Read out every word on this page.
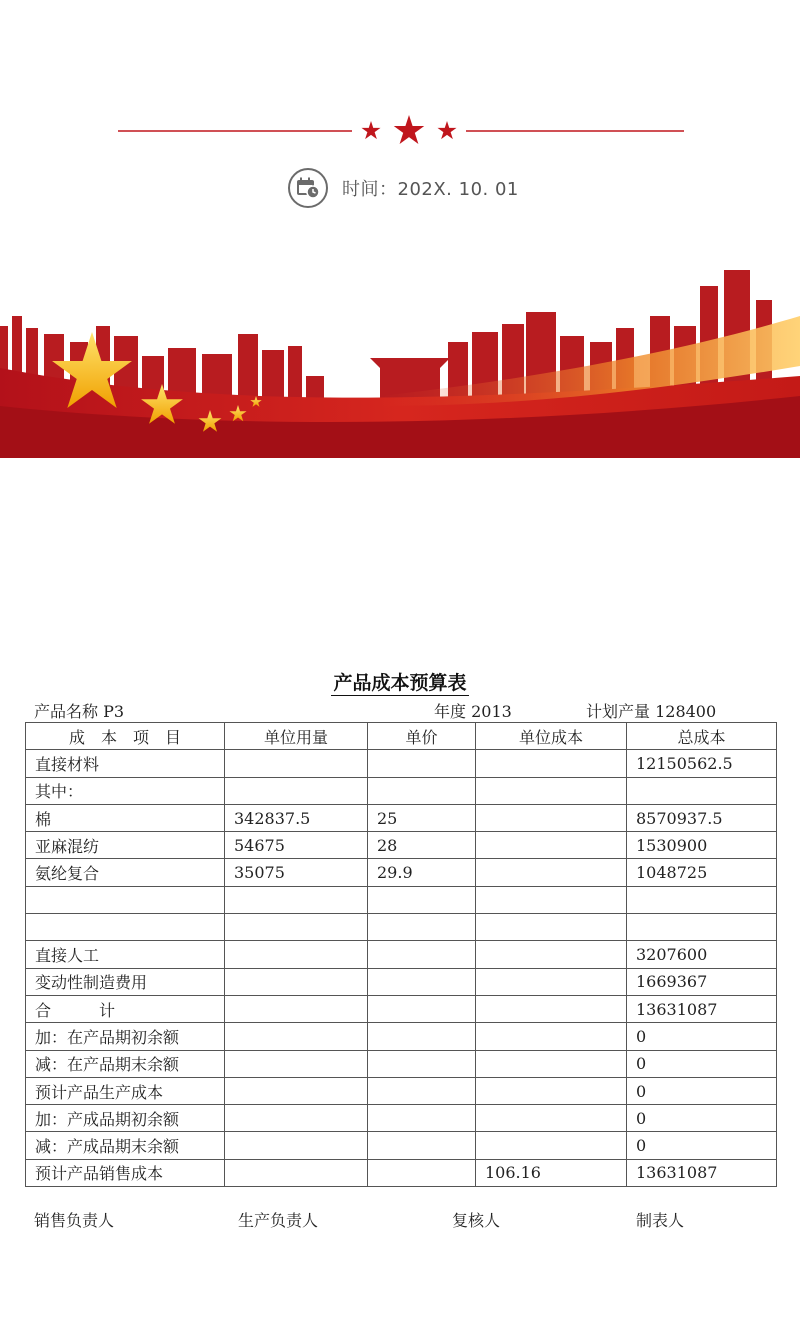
时间：202X. 10. 01
产品成本预算表
产品名称 P3	年度 2013	计划产量 128400
成　本　项　目	单位用量	单价	单位成本	总成本
直接材料				12150562.5
其中：				
棉	342837.5	25		8570937.5
亚麻混纺	54675	28		1530900
氨纶复合	35075	29.9		1048725

直接人工				3207600
变动性制造费用				1669367
合　　　计				13631087
加：在产品期初余额				0
减：在产品期末余额				0
预计产品生产成本				0
加：产成品期初余额				0
减：产成品期末余额				0
预计产品销售成本			106.16	13631087
销售负责人	生产负责人	复核人	制表人
